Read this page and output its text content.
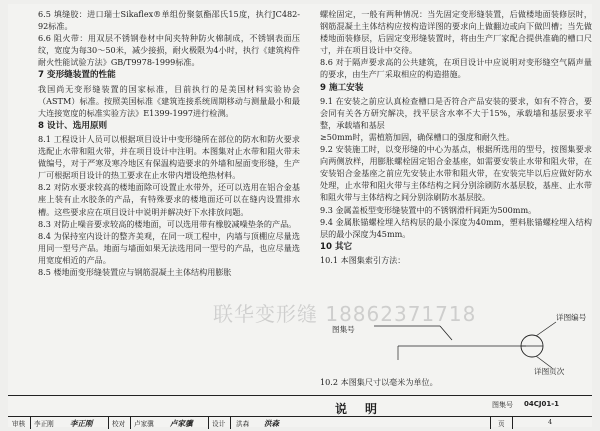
6.5 填缝胶：进口瑞士Sikaflex®单组份聚氨酯邵氏15度，执行JC482-92标准。

6.6 阻火带：用双层不锈钢卷材中间夹特种防火棉制成，不锈钢表面压纹，宽度为每30～50米，减少接损，耐火极限为4小时，执行《建筑构件耐火性能试验方法》GB/T9978-1999标准。

7 变形缝装置的性能

我国尚无变形缝装置的国家标准，目前执行的是美国材料实验协会（ASTM）标准。按照美国标准《建筑连接系统周期移动与测量最小和最大连接宽度的标准实验方法》E1399-1997进行检测。

8 设计、选用原则

8.1 工程设计人员可以根据项目设计中变形缝所在部位的防水和防火要求选配止水带和阻火带，并在项目设计中注明。本图集对止水带和阻火带未做编号，对于严寒及寒冷地区有保温构造要求的外墙和屋面变形缝，生产厂可根据项目设计的热工要求在止水带内增设绝热材料。

8.2 对防水要求较高的楼地面除可设置止水带外，还可以选用在铝合金基座上装有止水胶条的产品，有特殊要求的楼地面还可以在缝内设置排水槽。这些要求应在项目设计中说明并解决好下水排放问题。

8.3 对防止噪音要求较高的楼地面，可以选用带有橡胶减噪垫条的产品。

8.4 为保持室内设计的整齐美观，在同一项工程中，内墙与顶棚应尽量选用同一型号产品。地面与墙面如果无法选用同一型号的产品，也应尽量选用宽度相近的产品。

8.5 楼地面变形缝装置应与钢筋混凝土主体结构用膨胀

螺栓固定，一般有两种情况：当先固定变形缝装置，后做楼地面装修层时，钢筋混凝土主体结构应按构造详图的要求向上做翻边或向下做凹槽；当先做楼地面装修层，后固定变形缝装置时，将由生产厂家配合提供准确的槽口尺寸，并在项目设计中交待。

8.6 对于隔声要求高的公共建筑，在项目设计中应说明对变形缝空气隔声量的要求，由生产厂采取相应的构造措施。

9 施工安装

9.1 在安装之前应认真检查槽口是否符合产品安装的要求，如有不符合，要会同有关各方研究解决，找平层含水率不大于15%，承载墙和基层要求平整，承载墙和基层

≥50mm时，需植筋加固，确保槽口的强度和耐久性。

9.2 安装施工时，以变形缝的中心为基点，根据所选用的型号，按图集要求向两侧放样，用膨胀螺栓固定铝合金基座，如需要安装止水带和阻火带，在安装铝合金基座之前应先安装止水带和阻火带，在安装完毕以后应做好防水处理，止水带和阻火带与主体结构之间分别涂刷防水基层胶，基座、止水带和阻火带与主体结构之间分别涂刷防水基层胶。

9.3 金属盖板型变形缝装置中的不锈钢滑杆间距为500mm。

9.4 金属胀锚螺栓埋入结构层的最小深度为40mm，塑料胀锚螺栓埋入结构层的最小深度为45mm。

10 其它

10.1 本图集索引方法：

图集号
详图编号
详图页次

10.2 本图集尺寸以毫米为单位。

联华变形缝 18862371718
说明	图集号 04CJ01-1
审核 李正刚 李正刚	校对 卢家骥 卢家骥	设计 洪森 洪森	页	4
